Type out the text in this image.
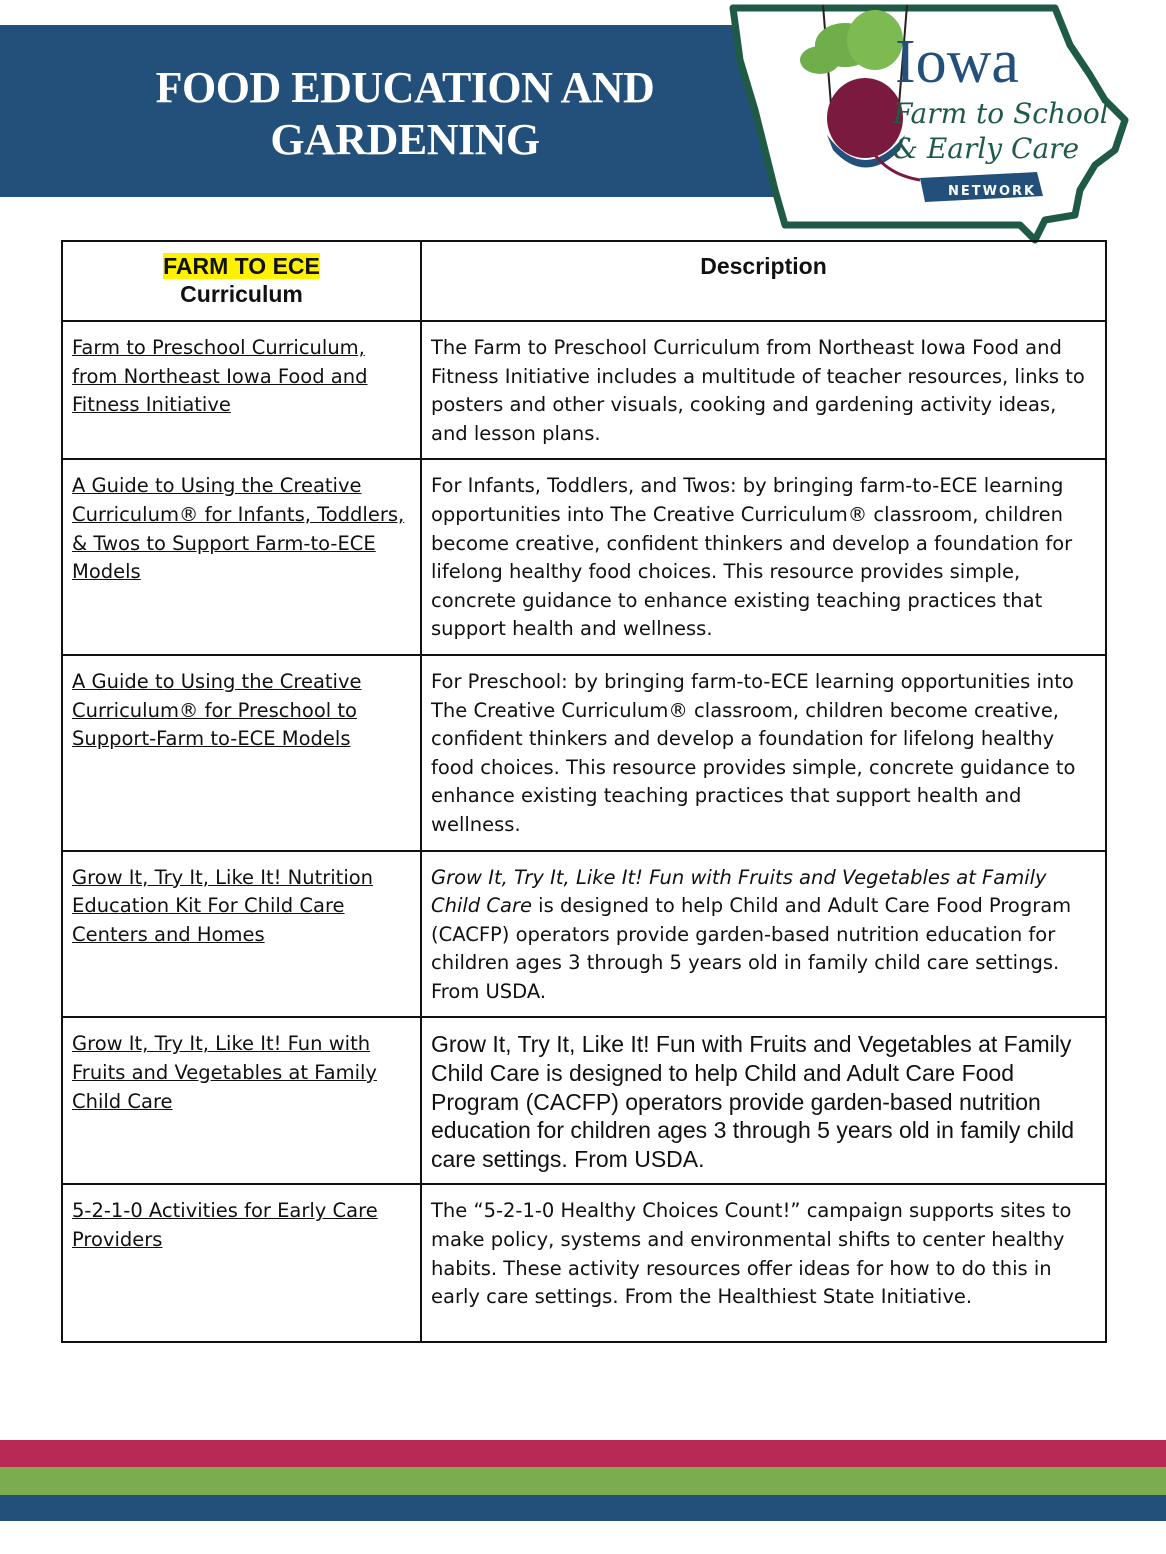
FOOD EDUCATION AND GARDENING
Iowa
Farm to School
& Early Care
NETWORK
FARM TO ECE
Curriculum	Description
Farm to Preschool Curriculum, from Northeast Iowa Food and Fitness Initiative	The Farm to Preschool Curriculum from Northeast Iowa Food and Fitness Initiative includes a multitude of teacher resources, links to posters and other visuals, cooking and gardening activity ideas, and lesson plans.
A Guide to Using the Creative Curriculum® for Infants, Toddlers, & Twos to Support Farm-to-ECE Models	For Infants, Toddlers, and Twos: by bringing farm-to-ECE learning opportunities into The Creative Curriculum® classroom, children become creative, confident thinkers and develop a foundation for lifelong healthy food choices. This resource provides simple, concrete guidance to enhance existing teaching practices that support health and wellness.
A Guide to Using the Creative Curriculum® for Preschool to Support-Farm to-ECE Models	For Preschool: by bringing farm-to-ECE learning opportunities into The Creative Curriculum® classroom, children become creative, confident thinkers and develop a foundation for lifelong healthy food choices. This resource provides simple, concrete guidance to enhance existing teaching practices that support health and wellness.
Grow It, Try It, Like It! Nutrition Education Kit For Child Care Centers and Homes	Grow It, Try It, Like It! Fun with Fruits and Vegetables at Family Child Care is designed to help Child and Adult Care Food Program (CACFP) operators provide garden-based nutrition education for children ages 3 through 5 years old in family child care settings. From USDA.
Grow It, Try It, Like It! Fun with Fruits and Vegetables at Family Child Care	Grow It, Try It, Like It! Fun with Fruits and Vegetables at Family Child Care is designed to help Child and Adult Care Food Program (CACFP) operators provide garden-based nutrition education for children ages 3 through 5 years old in family child care settings. From USDA.
5-2-1-0 Activities for Early Care Providers	The “5-2-1-0 Healthy Choices Count!” campaign supports sites to make policy, systems and environmental shifts to center healthy habits. These activity resources offer ideas for how to do this in early care settings. From the Healthiest State Initiative.
